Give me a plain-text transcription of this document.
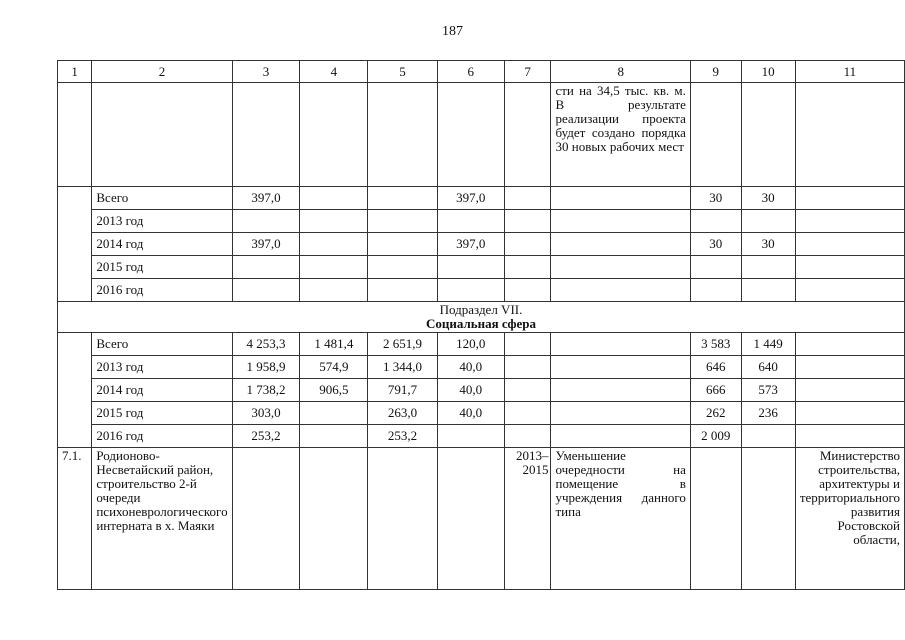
187
1	2	3	4	5	6	7	8	9	10	11
							сти на 34,5 тыс. кв. м. В результате реализации проекта будет создано порядка 30 новых рабочих мест			
	Всего	397,0			397,0			30	30	
	2013 год									
	2014 год	397,0			397,0			30	30	
	2015 год									
	2016 год									

Подраздел VII.
Социальная сфера										

	Всего	4 253,3	1 481,4	2 651,9	120,0			3 583	1 449	
	2013 год	1 958,9	574,9	1 344,0	40,0			646	640	
	2014 год	1 738,2	906,5	791,7	40,0			666	573	
	2015 год	303,0		263,0	40,0			262	236	
	2016 год	253,2		253,2				2 009		
7.1.	Родионово-Несветайский район, строительство 2-й очереди психоневрологического интерната в х. Маяки					2013–2015	Уменьшение очередности на помещение в учреждения данного типа			Министерство строительства, архитектуры и территориального развития Ростовской области,
